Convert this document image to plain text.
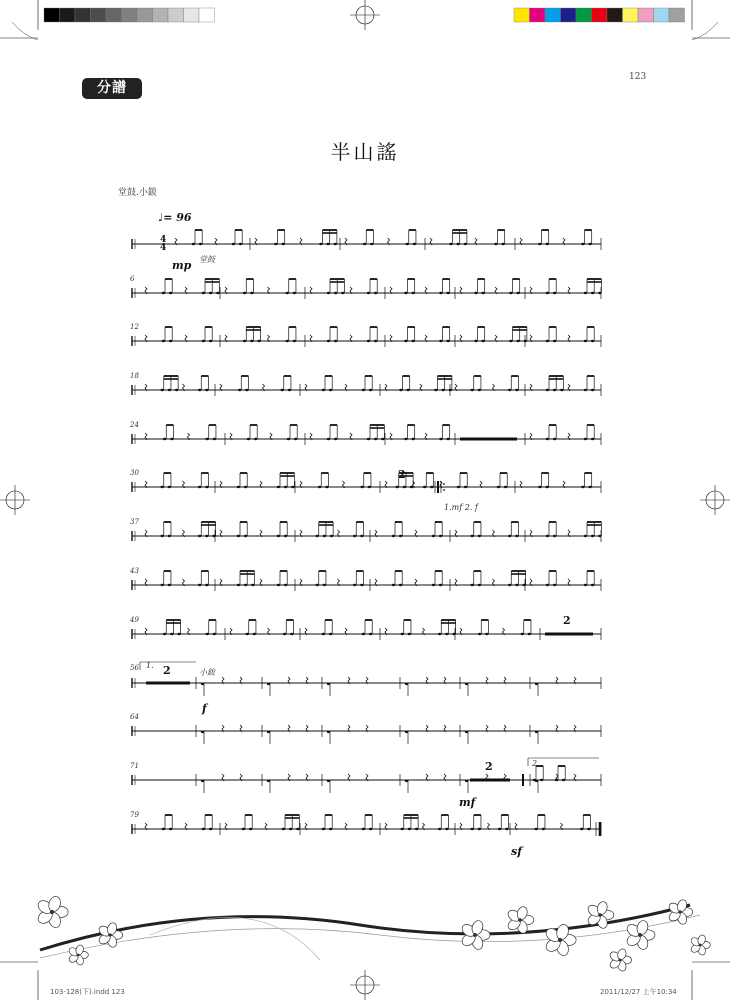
分譜
123
半山謠
堂鼓.小鈸
♩= 96
4
4
mp 堂鼓
6
12
18
24
30
37
43
49
56
64
71
79
2
1.mf 2. f
2
1. 2	小鈸
f
2
mf
2.
sf
103-128(下).indd 123	2011/12/27 上午10:34
